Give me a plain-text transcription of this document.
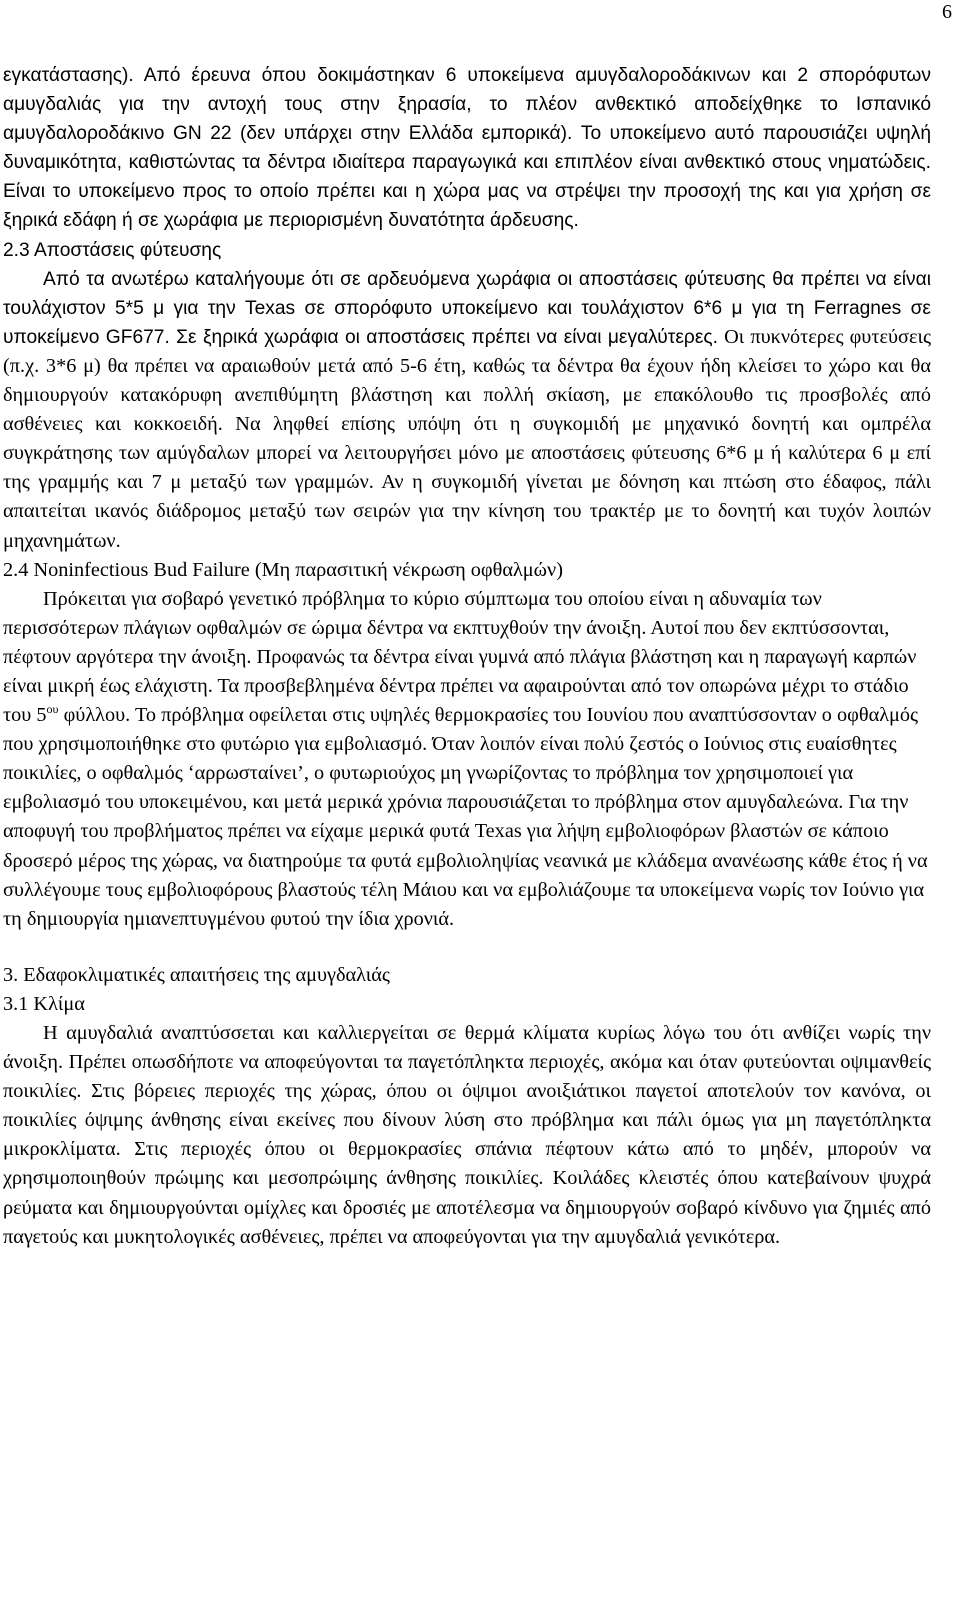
6

εγκατάστασης). Από έρευνα όπου δοκιμάστηκαν 6 υποκείμενα αμυγδαλοροδάκινων και 2 σπορόφυτων αμυγδαλιάς για την αντοχή τους στην ξηρασία, το πλέον ανθεκτικό αποδείχθηκε το Ισπανικό αμυγδαλοροδάκινο GN 22 (δεν υπάρχει στην Ελλάδα εμπορικά). Το υποκείμενο αυτό παρουσιάζει υψηλή δυναμικότητα, καθιστώντας τα δέντρα ιδιαίτερα παραγωγικά και επιπλέον είναι ανθεκτικό στους νηματώδεις. Είναι το υποκείμενο προς το οποίο πρέπει και η χώρα μας να στρέψει την προσοχή της και για χρήση σε ξηρικά εδάφη ή σε χωράφια με περιορισμένη δυνατότητα άρδευσης.

2.3 Αποστάσεις φύτευσης

Από τα ανωτέρω καταλήγουμε ότι σε αρδευόμενα χωράφια οι αποστάσεις φύτευσης θα πρέπει να είναι τουλάχιστον 5*5 μ για την Texas σε σπορόφυτο υποκείμενο και τουλάχιστον 6*6 μ για τη Ferragnes σε υποκείμενο GF677. Σε ξηρικά χωράφια οι αποστάσεις πρέπει να είναι μεγαλύτερες. Οι πυκνότερες φυτεύσεις (π.χ. 3*6 μ) θα πρέπει να αραιωθούν μετά από 5-6 έτη, καθώς τα δέντρα θα έχουν ήδη κλείσει το χώρο και θα δημιουργούν κατακόρυφη ανεπιθύμητη βλάστηση και πολλή σκίαση, με επακόλουθο τις προσβολές από ασθένειες και κοκκοειδή. Να ληφθεί επίσης υπόψη ότι η συγκομιδή με μηχανικό δονητή και ομπρέλα συγκράτησης των αμύγδαλων μπορεί να λειτουργήσει μόνο με αποστάσεις φύτευσης 6*6 μ ή καλύτερα 6 μ επί της γραμμής και 7 μ μεταξύ των γραμμών. Αν η συγκομιδή γίνεται με δόνηση και πτώση στο έδαφος, πάλι απαιτείται ικανός διάδρομος μεταξύ των σειρών για την κίνηση του τρακτέρ με το δονητή και τυχόν λοιπών μηχανημάτων.

2.4 Noninfectious Bud Failure (Μη παρασιτική νέκρωση οφθαλμών)

Πρόκειται για σοβαρό γενετικό πρόβλημα το κύριο σύμπτωμα του οποίου είναι η αδυναμία των περισσότερων πλάγιων οφθαλμών σε ώριμα δέντρα να εκπτυχθούν την άνοιξη. Αυτοί που δεν εκπτύσσονται, πέφτουν αργότερα την άνοιξη. Προφανώς τα δέντρα είναι γυμνά από πλάγια βλάστηση και η παραγωγή καρπών είναι μικρή έως ελάχιστη. Τα προσβεβλημένα δέντρα πρέπει να αφαιρούνται από τον οπωρώνα μέχρι το στάδιο του $5^{o\upsilon}$ φύλλου. Το πρόβλημα οφείλεται στις υψηλές θερμοκρασίες του Ιουνίου που αναπτύσσονταν ο οφθαλμός που χρησιμοποιήθηκε στο φυτώριο για εμβολιασμό. Όταν λοιπόν είναι πολύ ζεστός ο Ιούνιος στις ευαίσθητες ποικιλίες, ο οφθαλμός ‘αρρωσταίνει’, ο φυτωριούχος μη γνωρίζοντας το πρόβλημα τον χρησιμοποιεί για εμβολιασμό του υποκειμένου, και μετά μερικά χρόνια παρουσιάζεται το πρόβλημα στον αμυγδαλεώνα. Για την αποφυγή του προβλήματος πρέπει να είχαμε μερικά φυτά Texas για λήψη εμβολιοφόρων βλαστών σε κάποιο δροσερό μέρος της χώρας, να διατηρούμε τα φυτά εμβολιοληψίας νεανικά με κλάδεμα ανανέωσης κάθε έτος ή να συλλέγουμε τους εμβολιοφόρους βλαστούς τέλη Μάιου και να εμβολιάζουμε τα υποκείμενα νωρίς τον Ιούνιο για τη δημιουργία ημιανεπτυγμένου φυτού την ίδια χρονιά.

3. Εδαφοκλιματικές απαιτήσεις της αμυγδαλιάς

3.1 Κλίμα

Η αμυγδαλιά αναπτύσσεται και καλλιεργείται σε θερμά κλίματα κυρίως λόγω του ότι ανθίζει νωρίς την άνοιξη. Πρέπει οπωσδήποτε να αποφεύγονται τα παγετόπληκτα περιοχές, ακόμα και όταν φυτεύονται οψιμανθείς ποικιλίες. Στις βόρειες περιοχές της χώρας, όπου οι όψιμοι ανοιξιάτικοι παγετοί αποτελούν τον κανόνα, οι ποικιλίες όψιμης άνθησης είναι εκείνες που δίνουν λύση στο πρόβλημα και πάλι όμως για μη παγετόπληκτα μικροκλίματα. Στις περιοχές όπου οι θερμοκρασίες σπάνια πέφτουν κάτω από το μηδέν, μπορούν να χρησιμοποιηθούν πρώιμης και μεσοπρώιμης άνθησης ποικιλίες. Κοιλάδες κλειστές όπου κατεβαίνουν ψυχρά ρεύματα και δημιουργούνται ομίχλες και δροσιές με αποτέλεσμα να δημιουργούν σοβαρό κίνδυνο για ζημιές από παγετούς και μυκητολογικές ασθένειες, πρέπει να αποφεύγονται για την αμυγδαλιά γενικότερα.
